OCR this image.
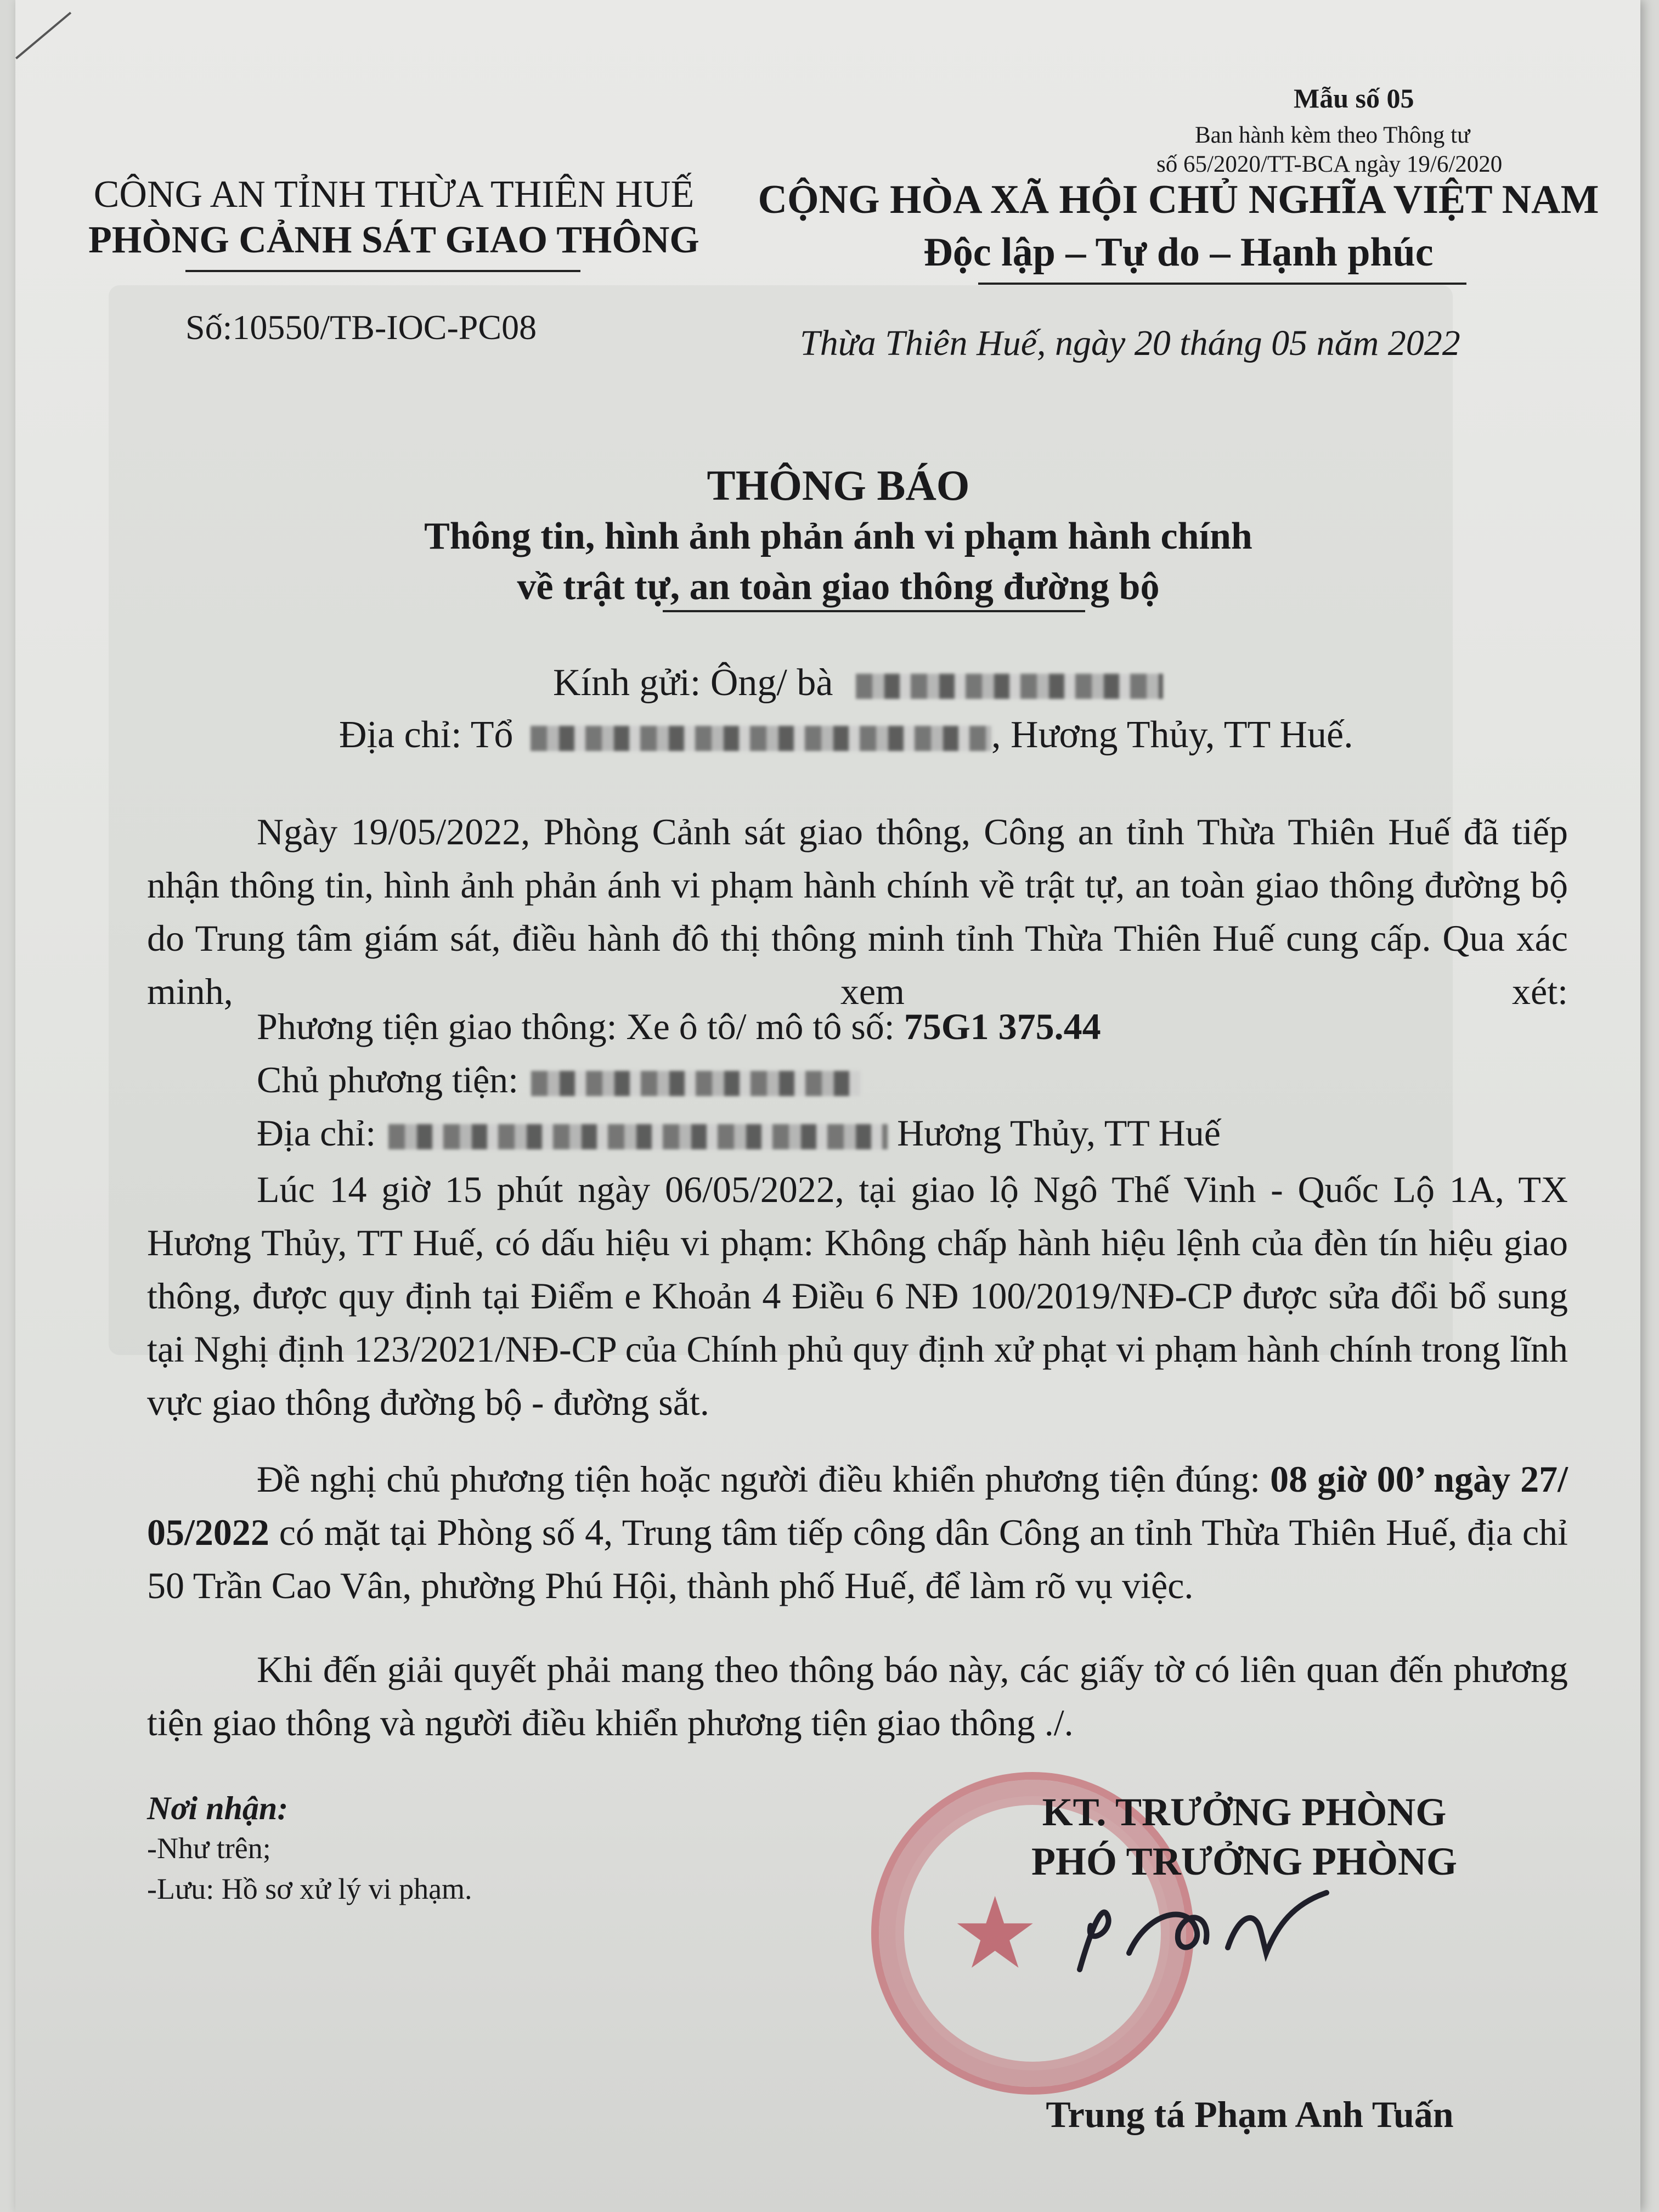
Mẫu số 05
Ban hành kèm theo Thông tư
số 65/2020/TT-BCA ngày 19/6/2020
CÔNG AN TỈNH THỪA THIÊN HUẾ
PHÒNG CẢNH SÁT GIAO THÔNG
Số:10550/TB-IOC-PC08
CỘNG HÒA XÃ HỘI CHỦ NGHĨA VIỆT NAM
Độc lập – Tự do – Hạnh phúc
Thừa Thiên Huế, ngày 20 tháng 05 năm 2022
THÔNG BÁO
Thông tin, hình ảnh phản ánh vi phạm hành chính
về trật tự, an toàn giao thông đường bộ
Kính gửi: Ông/ bà
Địa chỉ: Tổ	, Hương Thủy, TT Huế.
Ngày 19/05/2022, Phòng Cảnh sát giao thông, Công an tỉnh Thừa Thiên Huế đã tiếp nhận thông tin, hình ảnh phản ánh vi phạm hành chính về trật tự, an toàn giao thông đường bộ do Trung tâm giám sát, điều hành đô thị thông minh tỉnh Thừa Thiên Huế cung cấp. Qua xác minh, xem xét:
Phương tiện giao thông: Xe ô tô/ mô tô số: 75G1 375.44
Chủ phương tiện:
Địa chỉ:	Hương Thủy, TT Huế
Lúc 14 giờ 15 phút ngày 06/05/2022, tại giao lộ Ngô Thế Vinh - Quốc Lộ 1A, TX Hương Thủy, TT Huế, có dấu hiệu vi phạm: Không chấp hành hiệu lệnh của đèn tín hiệu giao thông, được quy định tại Điểm e Khoản 4 Điều 6 NĐ 100/2019/NĐ-CP được sửa đổi bổ sung tại Nghị định 123/2021/NĐ-CP của Chính phủ quy định xử phạt vi phạm hành chính trong lĩnh vực giao thông đường bộ - đường sắt.
Đề nghị chủ phương tiện hoặc người điều khiển phương tiện đúng: 08 giờ 00’ ngày 27/ 05/2022 có mặt tại Phòng số 4, Trung tâm tiếp công dân Công an tỉnh Thừa Thiên Huế, địa chỉ 50 Trần Cao Vân, phường Phú Hội, thành phố Huế, để làm rõ vụ việc.
Khi đến giải quyết phải mang theo thông báo này, các giấy tờ có liên quan đến phương tiện giao thông và người điều khiển phương tiện giao thông ./.
Nơi nhận:
-Như trên;
-Lưu: Hồ sơ xử lý vi phạm.	★
KT. TRƯỞNG PHÒNG
PHÓ TRƯỞNG PHÒNG
Trung tá Phạm Anh Tuấn
